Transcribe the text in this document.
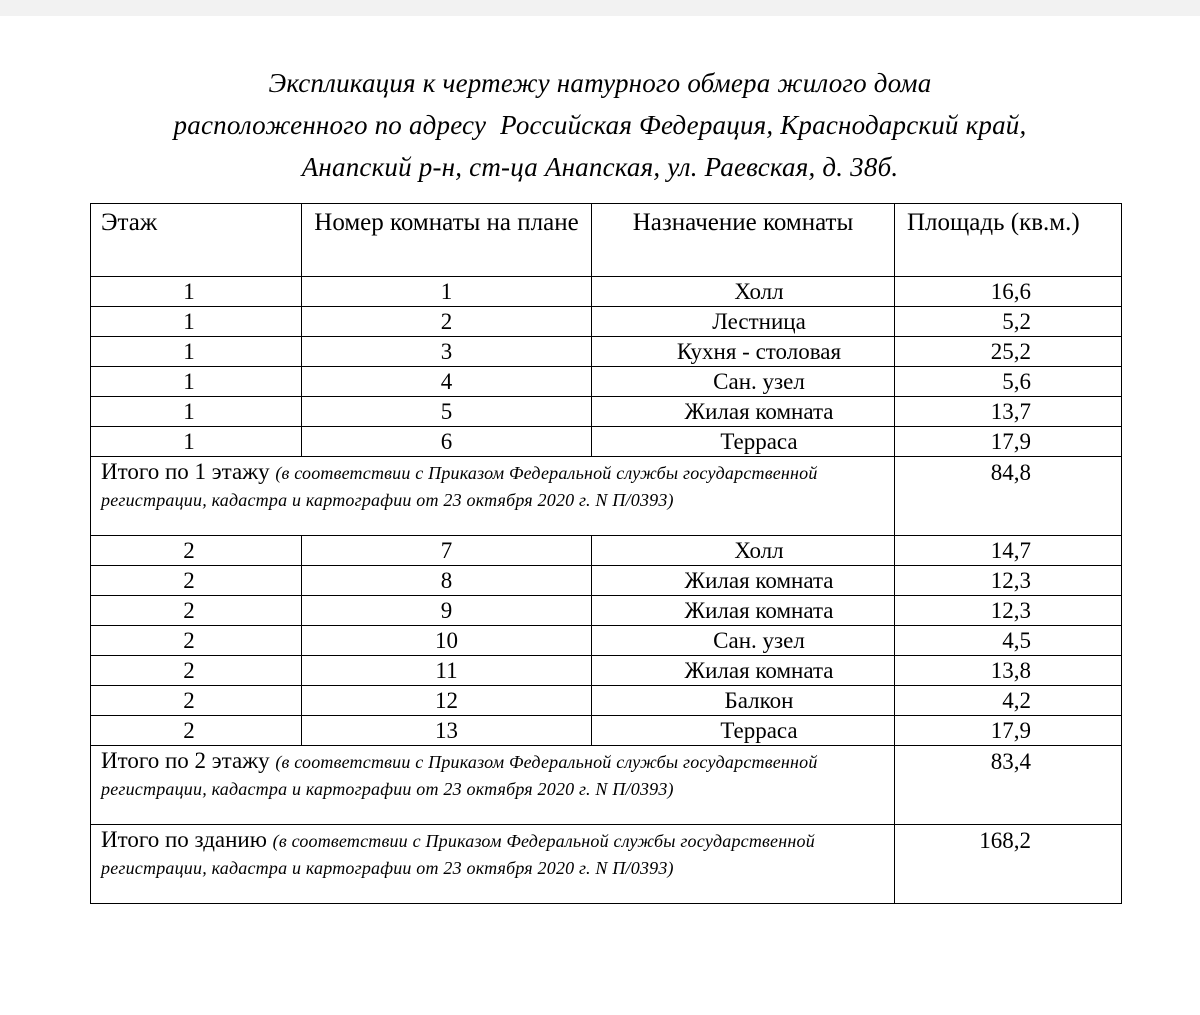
Экспликация к чертежу натурного обмера жилого дома
расположенного по адресу  Российская Федерация, Краснодарский край,
Анапский р-н, ст-ца Анапская, ул. Раевская, д. 38б.
Этаж	Номер комнаты на плане	Назначение комнаты	Площадь (кв.м.)
1	1	Холл	16,6
1	2	Лестница	5,2
1	3	Кухня - столовая	25,2
1	4	Сан. узел	5,6
1	5	Жилая комната	13,7
1	6	Терраса	17,9
Итого по 1 этажу (в соответствии с Приказом Федеральной службы государственной регистрации, кадастра и картографии от 23 октября 2020 г. N П/0393)			84,8
2	7	Холл	14,7
2	8	Жилая комната	12,3
2	9	Жилая комната	12,3
2	10	Сан. узел	4,5
2	11	Жилая комната	13,8
2	12	Балкон	4,2
2	13	Терраса	17,9
Итого по 2 этажу (в соответствии с Приказом Федеральной службы государственной регистрации, кадастра и картографии от 23 октября 2020 г. N П/0393)			83,4
Итого по зданию (в соответствии с Приказом Федеральной службы государственной регистрации, кадастра и картографии от 23 октября 2020 г. N П/0393)			168,2
